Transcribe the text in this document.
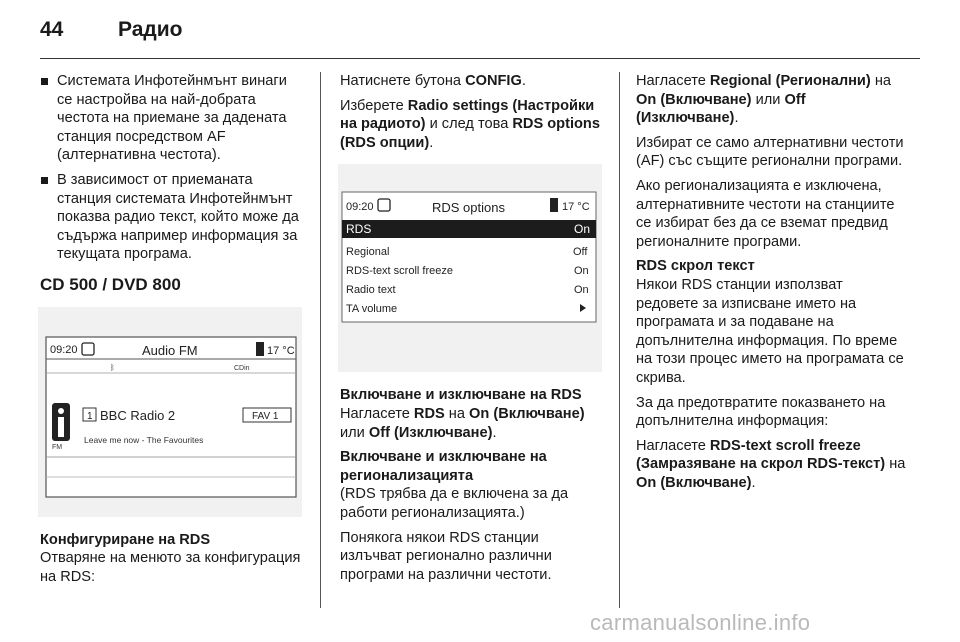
44	Радио
Системата Инфотейнмънт винаги се настройва на най-добрата честота на приемане за дадената станция посредством AF (алтернативна честота).
В зависимост от приеманата станция системата Инфотейнмънт показва радио текст, който може да съдържа например информация за текущата програма.
CD 500 / DVD 800
09:20	Audio FM	17 °C
ᛒ	CDin
1 BBC Radio 2	FAV 1
FM
Leave me now - The Favourites

Конфигуриране на RDS

Отваряне на менюто за конфигурация на RDS:

Натиснете бутона CONFIG.

Изберете Radio settings (Настройки на радиото) и след това RDS options (RDS опции).

09:20	RDS options	17 °C
RDS	On
Regional	Off
RDS-text scroll freeze	On
Radio text	On
TA volume

Включване и изключване на RDS

Нагласете RDS на On (Включване) или Off (Изключване).

Включване и изключване на регионализацията

(RDS трябва да е включена за да работи регионализацията.)

Понякога някои RDS станции излъчват регионално различни програми на различни честоти.

Нагласете Regional (Регионални) на On (Включване) или Off (Изключване).

Избират се само алтернативни честоти (AF) със същите регионални програми.

Ако регионализацията е изключена, алтернативните честоти на станциите се избират без да се вземат предвид регионалните програми.

RDS скрол текст

Някои RDS станции използват редовете за изписване името на програмата и за подаване на допълнителна информация. По време на този процес името на програмата се скрива.

За да предотвратите показването на допълнителна информация:

Нагласете RDS-text scroll freeze (Замразяване на скрол RDS-текст) на On (Включване).

carmanualsonline.info
